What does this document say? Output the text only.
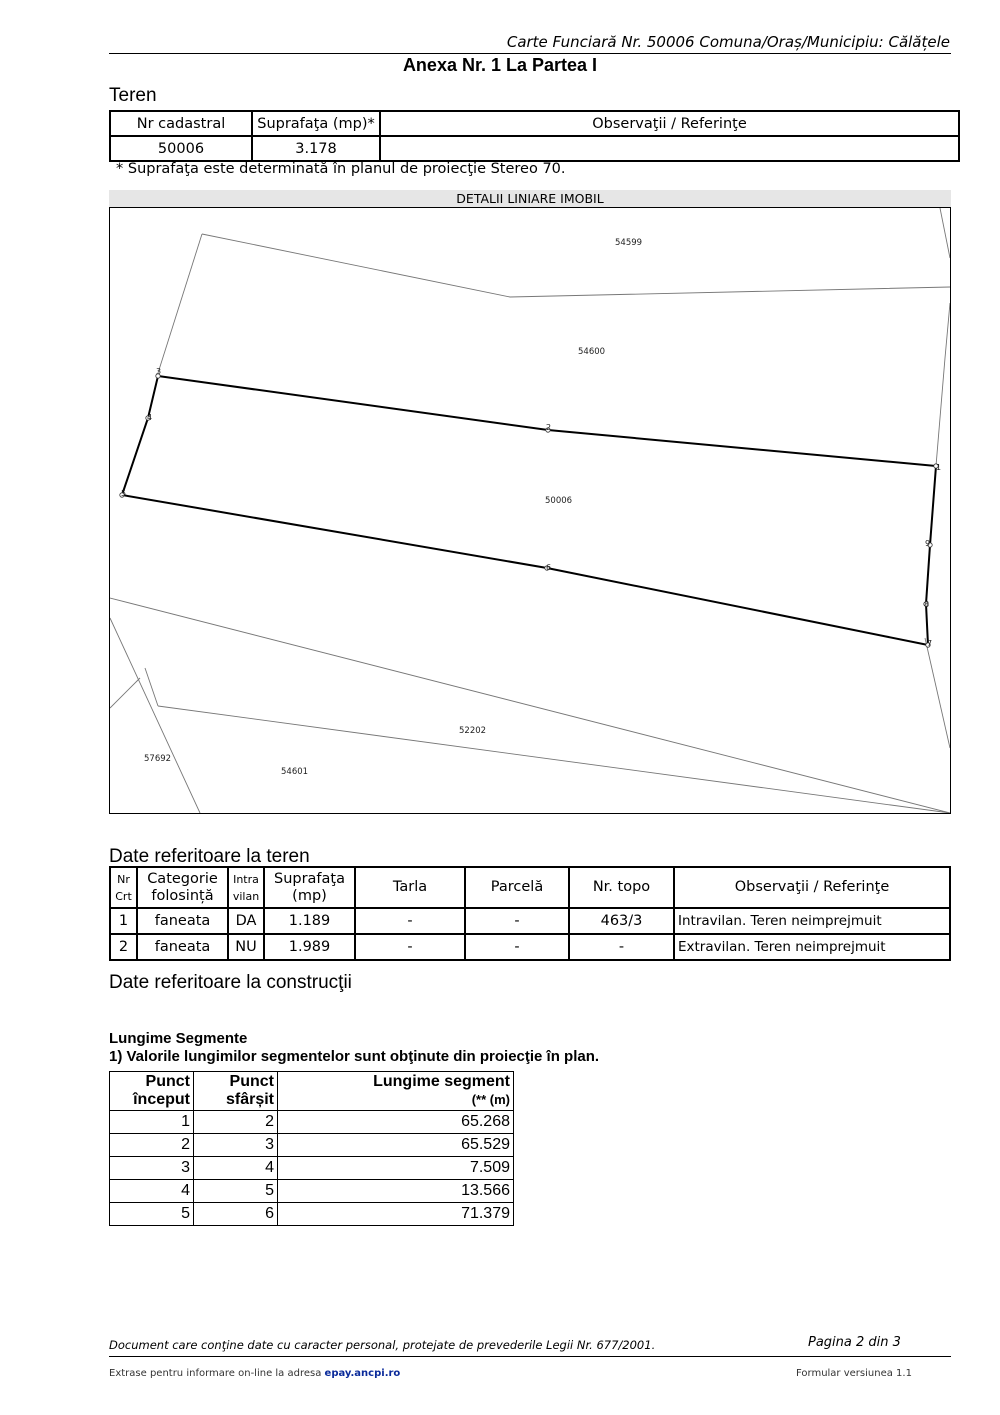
Carte Funciară Nr. 50006 Comuna/Oraș/Municipiu: Călățele
Anexa Nr. 1 La Partea I
Teren
Nr cadastral	Suprafaţa (mp)*	Observaţii / Referinţe
50006	3.178	
* Suprafaţa este determinată în planul de proiecţie Stereo 70.
DETALII LINIARE IMOBIL
1
2
3
4
5
6
7
8
9
54599
54600
50006
52202
57692
54601
Date referitoare la teren
Nr Crt	Categorie folosință	Intra vilan	Suprafaţa (mp)	Tarla	Parcelă	Nr. topo	Observaţii / Referinţe
1	faneata	DA	1.189	-	-	463/3	Intravilan. Teren neimprejmuit
2	faneata	NU	1.989	-	-	-	Extravilan. Teren neimprejmuit
Date referitoare la construcţii
Lungime Segmente
1) Valorile lungimilor segmentelor sunt obţinute din proiecţie în plan.
Punct început	Punct sfârșit	Lungime segment
(** (m)
1	2	65.268
2	3	65.529
3	4	7.509
4	5	13.566
5	6	71.379
Document care conţine date cu caracter personal, protejate de prevederile Legii Nr. 677/2001.	Pagina 2 din 3
Extrase pentru informare on-line la adresa epay.ancpi.ro	Formular versiunea 1.1
